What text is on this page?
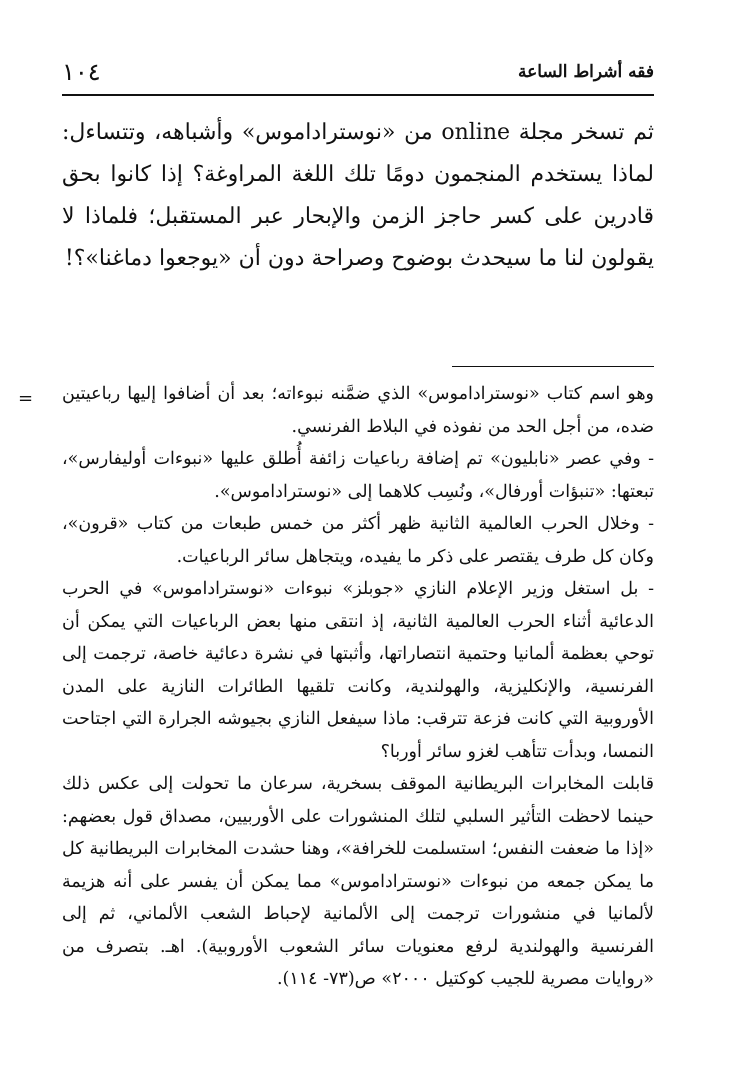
١٠٤	فقه أشراط الساعة

ثم تسخر مجلة online من «نوستراداموس» وأشباهه، وتتساءل: لماذا يستخدم المنجمون دومًا تلك اللغة المراوغة؟ إذا كانوا بحق قادرين على كسر حاجز الزمن والإبحار عبر المستقبل؛ فلماذا لا يقولون لنا ما سيحدث بوضوح وصراحة دون أن «يوجعوا دماغنا»؟!

= وهو اسم كتاب «نوستراداموس» الذي ضمَّنه نبوءاته؛ بعد أن أضافوا إليها رباعيتين ضده، من أجل الحد من نفوذه في البلاط الفرنسي.

- وفي عصر «نابليون» تم إضافة رباعيات زائفة أُطلق عليها «نبوءات أوليفارس»، تبعتها: «تنبؤات أورفال»، ونُسِب كلاهما إلى «نوستراداموس».

- وخلال الحرب العالمية الثانية ظهر أكثر من خمس طبعات من كتاب «قرون»، وكان كل طرف يقتصر على ذكر ما يفيده، ويتجاهل سائر الرباعيات.

- بل استغل وزير الإعلام النازي «جوبلز» نبوءات «نوستراداموس» في الحرب الدعائية أثناء الحرب العالمية الثانية، إذ انتقى منها بعض الرباعيات التي يمكن أن توحي بعظمة ألمانيا وحتمية انتصاراتها، وأثبتها في نشرة دعائية خاصة، ترجمت إلى الفرنسية، والإنكليزية، والهولندية، وكانت تلقيها الطائرات النازية على المدن الأوروبية التي كانت فزعة تترقب: ماذا سيفعل النازي بجيوشه الجرارة التي اجتاحت النمسا، وبدأت تتأهب لغزو سائر أوربا؟

قابلت المخابرات البريطانية الموقف بسخرية، سرعان ما تحولت إلى عكس ذلك حينما لاحظت التأثير السلبي لتلك المنشورات على الأوربيين، مصداق قول بعضهم: «إذا ما ضعفت النفس؛ استسلمت للخرافة»، وهنا حشدت المخابرات البريطانية كل ما يمكن جمعه من نبوءات «نوستراداموس» مما يمكن أن يفسر على أنه هزيمة لألمانيا في منشورات ترجمت إلى الألمانية لإحباط الشعب الألماني، ثم إلى الفرنسية والهولندية لرفع معنويات سائر الشعوب الأوروبية). اهـ. بتصرف من «روايات مصرية للجيب كوكتيل ٢٠٠٠» ص(٧٣- ١١٤).
